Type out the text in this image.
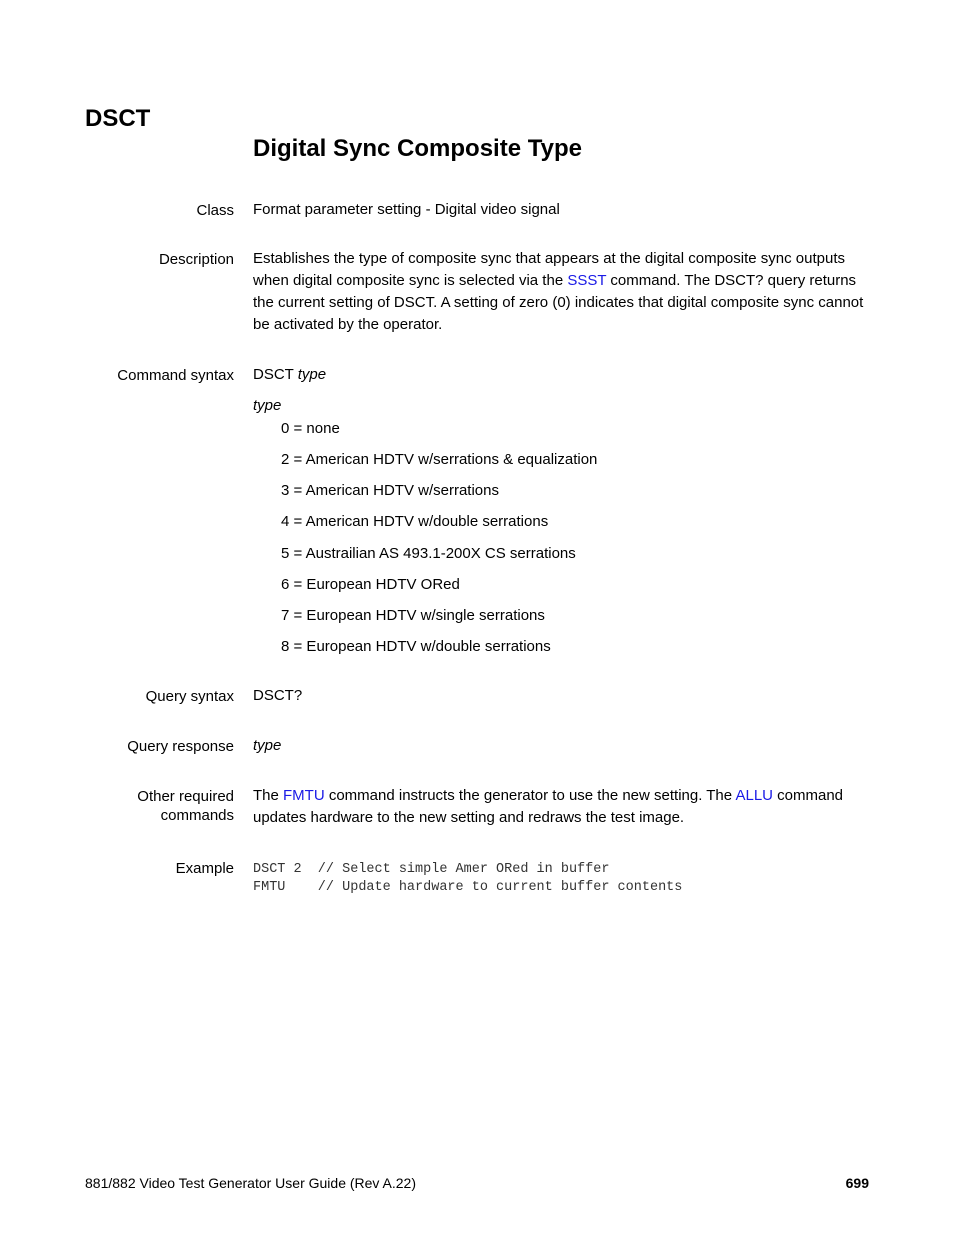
DSCT
Digital Sync Composite Type
Class Format parameter setting - Digital video signal
Description Establishes the type of composite sync that appears at the digital composite sync outputs when digital composite sync is selected via the SSST command. The DSCT? query returns the current setting of DSCT. A setting of zero (0) indicates that digital composite sync cannot be activated by the operator.
Command syntax DSCT type
type
0 = none
2 = American HDTV w/serrations & equalization
3 = American HDTV w/serrations
4 = American HDTV w/double serrations
5 = Austrailian AS 493.1-200X CS serrations
6 = European HDTV ORed
7 = European HDTV w/single serrations
8 = European HDTV w/double serrations
Query syntax DSCT?
Query response type
Other required
commands
The FMTU command instructs the generator to use the new setting. The ALLU command updates hardware to the new setting and redraws the test image.
Example DSCT 2  // Select simple Amer ORed in buffer
FMTU    // Update hardware to current buffer contents
881/882 Video Test Generator User Guide (Rev A.22)	699
